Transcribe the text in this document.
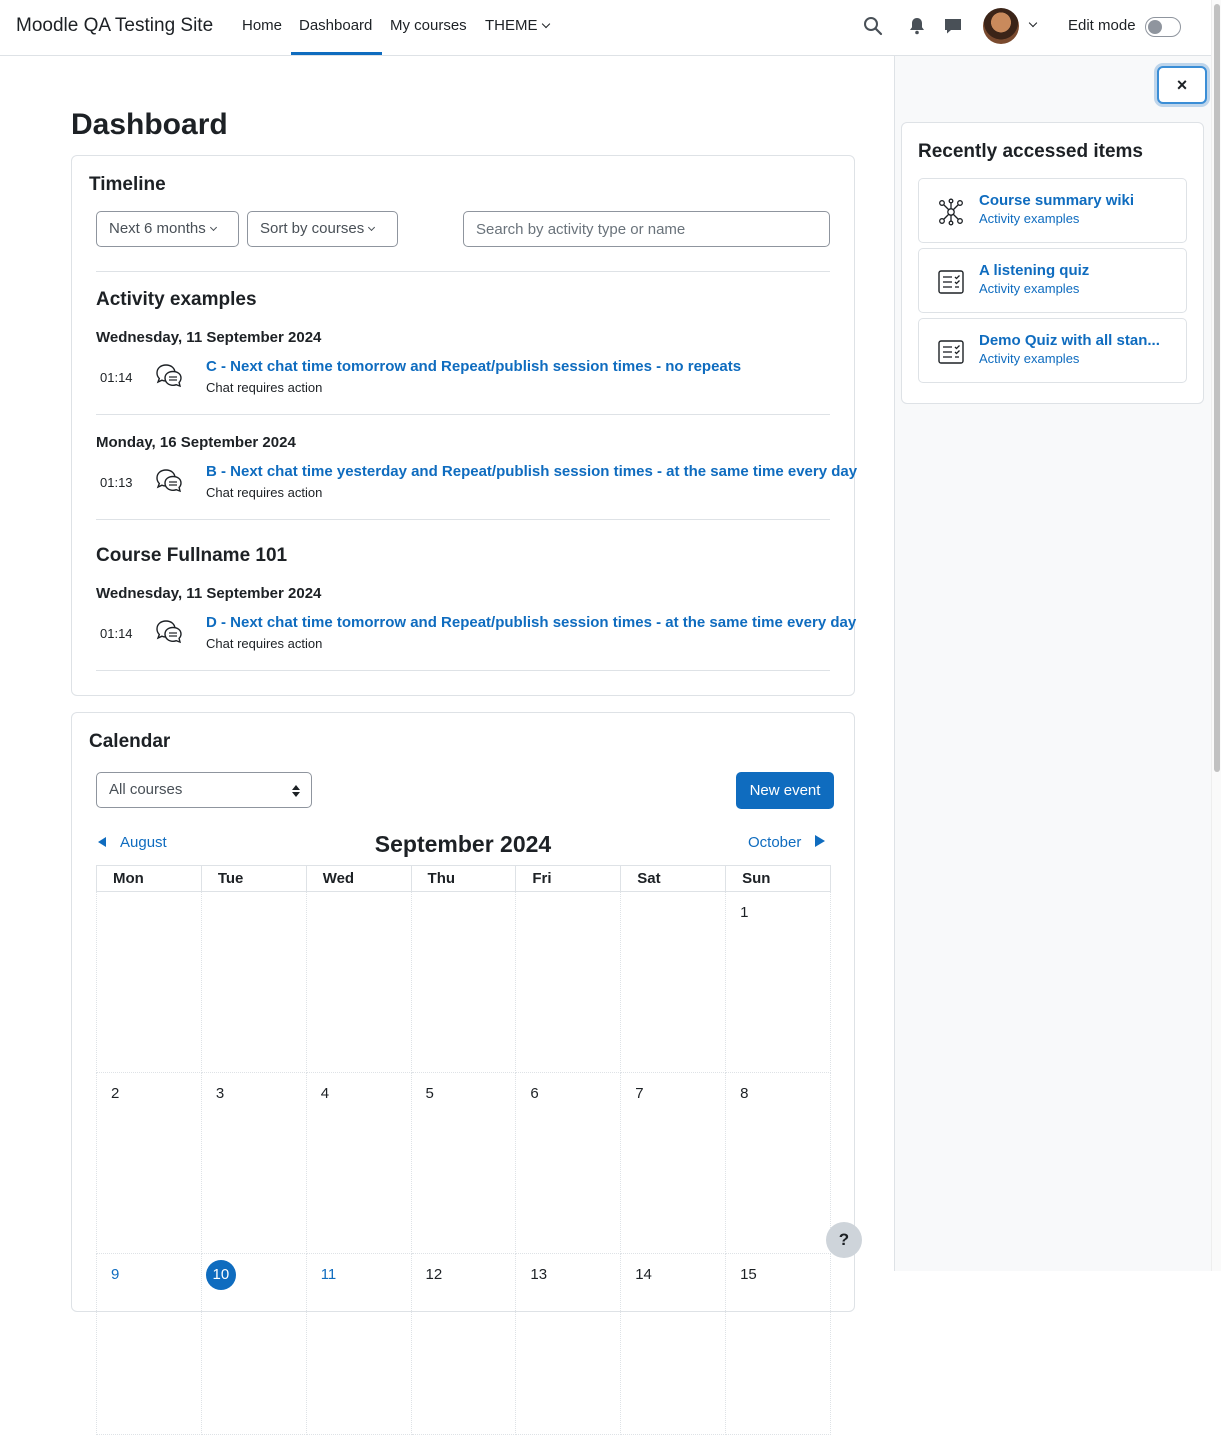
Moodle QA Testing Site Home Dashboard My courses THEME	Edit mode
Dashboard
Timeline
Next 6 months	Sort by courses
Search by activity type or name
Activity examples
Wednesday, 11 September 2024
01:14
C - Next chat time tomorrow and Repeat/publish session times - no repeats
Chat requires action
Monday, 16 September 2024
01:13
B - Next chat time yesterday and Repeat/publish session times - at the same time every day
Chat requires action
Course Fullname 101
Wednesday, 11 September 2024
01:14
D - Next chat time tomorrow and Repeat/publish session times - at the same time every day
Chat requires action
Calendar
All courses	New event
August	September 2024	October
Mon	Tue	Wed	Thu	Fri	Sat	Sun
						1
2	3	4	5	6	7	8
9	10	11	12	13	14	15
×
Recently accessed items
Course summary wiki
Activity examples
A listening quiz
Activity examples
Demo Quiz with all stan...
Activity examples
?
